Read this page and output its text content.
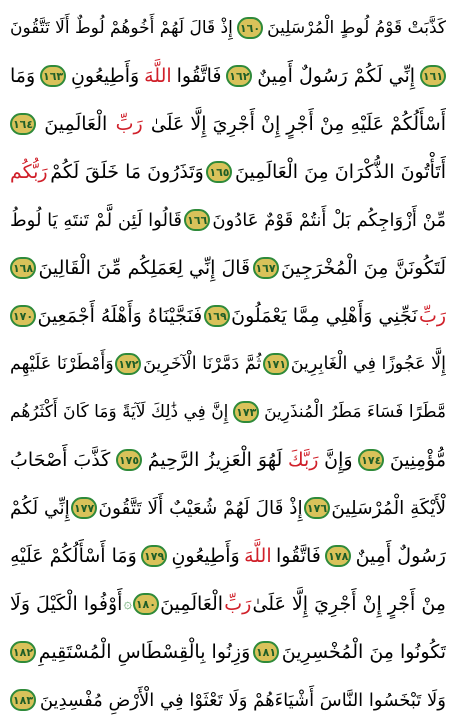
كَذَّبَتْ قَوْمُ لُوطٍ الْمُرْسَلِينَ
١٦٠
إِذْ قَالَ لَهُمْ أَخُوهُمْ لُوطٌ أَلَا تَتَّقُونَ
١٦١
إِنِّي لَكُمْ رَسُولٌ أَمِينٌ
١٦٢
فَاتَّقُوا
اللَّهَ
وَأَطِيعُونِ
١٦٣
وَمَا
أَسْأَلُكُمْ عَلَيْهِ مِنْ أَجْرٍ إِنْ أَجْرِيَ إِلَّا عَلَىٰ
رَبِّ
الْعَالَمِينَ
١٦٤
أَتَأْتُونَ الذُّكْرَانَ مِنَ الْعَالَمِينَ
١٦٥
وَتَذَرُونَ مَا خَلَقَ لَكُمْ
رَبُّكُم
مِّنْ أَزْوَاجِكُم بَلْ أَنتُمْ قَوْمٌ عَادُونَ
١٦٦
قَالُوا لَئِن لَّمْ تَنتَهِ يَا لُوطُ
لَتَكُونَنَّ مِنَ الْمُخْرَجِينَ
١٦٧
قَالَ إِنِّي لِعَمَلِكُم مِّنَ الْقَالِينَ
١٦٨
رَبِّ
نَجِّنِي وَأَهْلِي مِمَّا يَعْمَلُونَ
١٦٩
فَنَجَّيْنَاهُ وَأَهْلَهُ أَجْمَعِينَ
١٧٠
إِلَّا عَجُوزًا فِي الْغَابِرِينَ
١٧١
ثُمَّ دَمَّرْنَا الْآخَرِينَ
١٧٢
وَأَمْطَرْنَا عَلَيْهِم
مَّطَرًا فَسَاءَ مَطَرُ الْمُنذَرِينَ
١٧٣
إِنَّ فِي ذَٰلِكَ لَآيَةً وَمَا كَانَ أَكْثَرُهُم
مُّؤْمِنِينَ
١٧٤
وَإِنَّ
رَبَّكَ
لَهُوَ الْعَزِيزُ الرَّحِيمُ
١٧٥
كَذَّبَ أَصْحَابُ
لْأَيْكَةِ الْمُرْسَلِينَ
١٧٦
إِذْ قَالَ لَهُمْ شُعَيْبٌ أَلَا تَتَّقُونَ
١٧٧
إِنِّي لَكُمْ
رَسُولٌ أَمِينٌ
١٧٨
فَاتَّقُوا
اللَّهَ
وَأَطِيعُونِ
١٧٩
وَمَا أَسْأَلُكُمْ عَلَيْهِ
مِنْ أَجْرٍ إِنْ أَجْرِيَ إِلَّا عَلَىٰ
رَبِّ
الْعَالَمِينَ
١٨٠
۞
أَوْفُوا الْكَيْلَ وَلَا
تَكُونُوا مِنَ الْمُخْسِرِينَ
١٨١
وَزِنُوا بِالْقِسْطَاسِ الْمُسْتَقِيمِ
١٨٢
وَلَا تَبْخَسُوا النَّاسَ أَشْيَاءَهُمْ وَلَا تَعْثَوْا فِي الْأَرْضِ مُفْسِدِينَ
١٨٣
